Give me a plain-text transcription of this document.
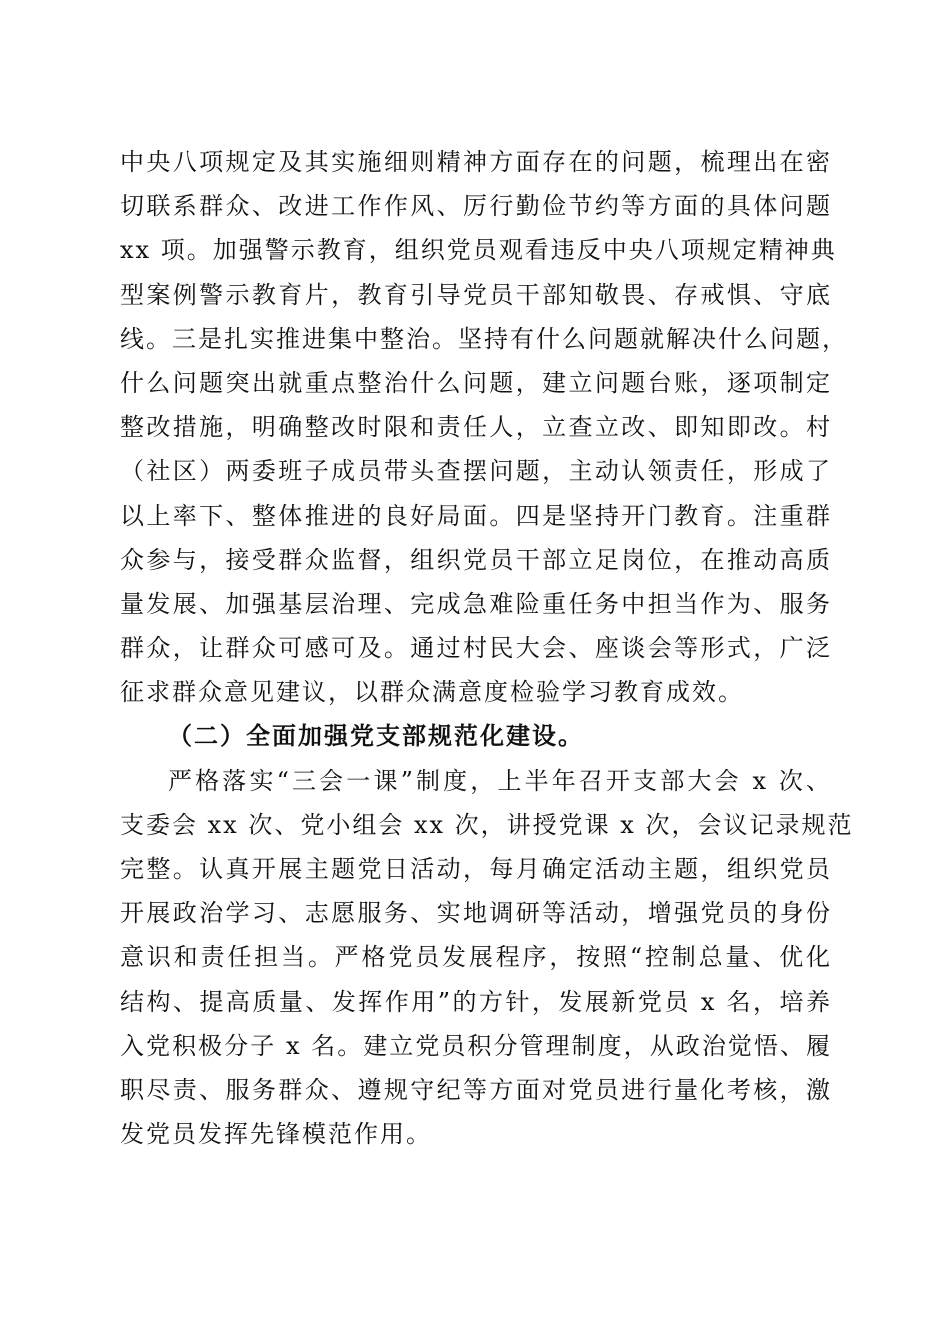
中央八项规定及其实施细则精神方面存在的问题，梳理出在密
切联系群众、改进工作作风、厉行勤俭节约等方面的具体问题
xx 项。加强警示教育，组织党员观看违反中央八项规定精神典
型案例警示教育片，教育引导党员干部知敬畏、存戒惧、守底
线。三是扎实推进集中整治。坚持有什么问题就解决什么问题，
什么问题突出就重点整治什么问题，建立问题台账，逐项制定
整改措施，明确整改时限和责任人，立查立改、即知即改。村
（社区）两委班子成员带头查摆问题，主动认领责任，形成了
以上率下、整体推进的良好局面。四是坚持开门教育。注重群
众参与，接受群众监督，组织党员干部立足岗位，在推动高质
量发展、加强基层治理、完成急难险重任务中担当作为、服务
群众，让群众可感可及。通过村民大会、座谈会等形式，广泛
征求群众意见建议，以群众满意度检验学习教育成效。
（二）全面加强党支部规范化建设。
严格落实“三会一课”制度，上半年召开支部大会 x 次、
支委会 xx 次、党小组会 xx 次，讲授党课 x 次，会议记录规范
完整。认真开展主题党日活动，每月确定活动主题，组织党员
开展政治学习、志愿服务、实地调研等活动，增强党员的身份
意识和责任担当。严格党员发展程序，按照“控制总量、优化
结构、提高质量、发挥作用”的方针，发展新党员 x 名，培养
入党积极分子 x 名。建立党员积分管理制度，从政治觉悟、履
职尽责、服务群众、遵规守纪等方面对党员进行量化考核，激
发党员发挥先锋模范作用。
